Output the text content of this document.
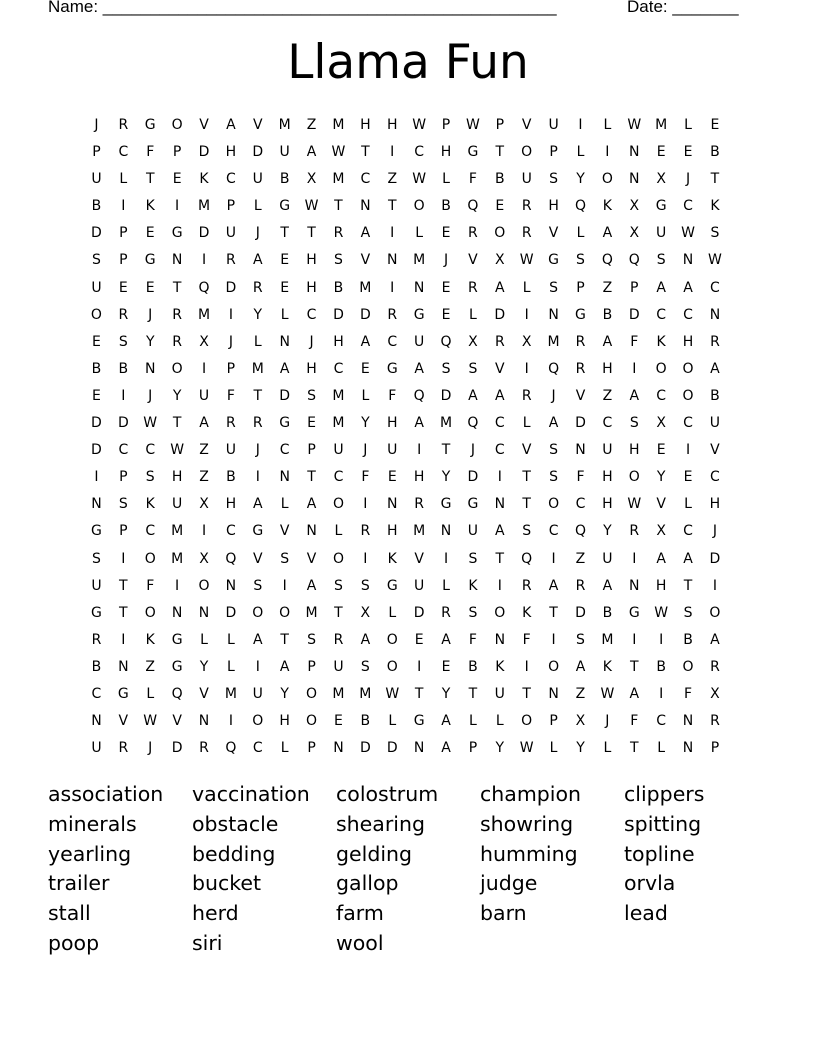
Name: ________________________________________________	Date: _______
Llama Fun
J	R	G	O	V	A	V	M	Z	M	H	H	W	P	W	P	V	U	I	L	W M	L	E
P	C	F	P	D	H	D	U	A	W	T	I	C	H	G	T	O	P	L	I	N	E	E	B
U	L	T	E	K	C	U	B	X	M	C	Z	W	L	F	B	U	S	Y	O	N	X	J	T
B	I	K	I	M	P	L	G	W	T	N	T	O	B	Q	E	R	H	Q	K	X	G	C	K
D	P	E	G	D	U	J	T	T	R	A	I	L	E	R	O	R	V	L	A	X	U	W	S
S	P	G	N	I	R	A	E	H	S	V	N	M	J	V	X	W	G	S	Q	Q	S	N	W
U	E	E	T	Q	D	R	E	H	B	M	I	N	E	R	A	L	S	P	Z	P	A	A	C
O	R	J	R	M	I	Y	L	C	D	D	R	G	E	L	D	I	N	G	B	D	C	C	N
E	S	Y	R	X	J	L	N	J	H	A	C	U	Q	X	R	X	M	R	A	F	K	H	R
B	B	N	O	I	P	M	A	H	C	E	G	A	S	S	V	I	Q	R	H	I	O	O	A
E	I	J	Y	U	F	T	D	S	M	L	F	Q	D	A	A	R	J	V	Z	A	C	O	B
D	D	W	T	A	R	R	G	E	M	Y	H	A	M	Q	C	L	A	D	C	S	X	C	U
D	C	C	W	Z	U	J	C	P	U	J	U	I	T	J	C	V	S	N	U	H	E	I	V
I	P	S	H	Z	B	I	N	T	C	F	E	H	Y	D	I	T	S	F	H	O	Y	E	C
N	S	K	U	X	H	A	L	A	O	I	N	R	G	G	N	T	O	C	H	W	V	L	H
G	P	C	M	I	C	G	V	N	L	R	H	M	N	U	A	S	C	Q	Y	R	X	C	J
S	I	O	M	X	Q	V	S	V	O	I	K	V	I	S	T	Q	I	Z	U	I	A	A	D
U	T	F	I	O	N	S	I	A	S	S	G	U	L	K	I	R	A	R	A	N	H	T	I
G	T	O	N	N	D	O	O	M	T	X	L	D	R	S	O	K	T	D	B	G	W	S	O
R	I	K	G	L	L	A	T	S	R	A	O	E	A	F	N	F	I	S	M	I	I	B	A
B	N	Z	G	Y	L	I	A	P	U	S	O	I	E	B	K	I	O	A	K	T	B	O	R
C	G	L	Q	V	M	U	Y	O	M	M W	T	Y	T	U	T	N	Z	W	A	I	F	X
N	V	W	V	N	I	O	H	O	E	B	L	G	A	L	L	O	P	X	J	F	C	N	R
U	R	J	D	R	Q	C	L	P	N	D	D	N	A	P	Y	W	L	Y	L	T	L	N	P
association	vaccination	colostrum	champion	clippers
minerals	obstacle	shearing	showring	spitting
yearling	bedding	gelding	humming	topline
trailer	bucket	gallop	judge	orvla
stall	herd	farm	barn	lead
poop	siri	wool
